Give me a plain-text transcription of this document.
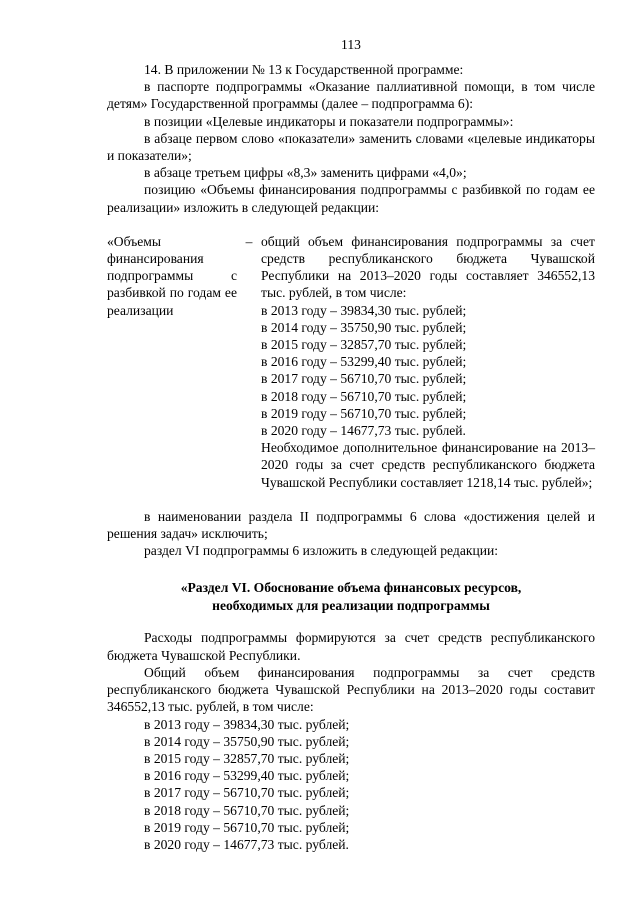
113

14. В приложении № 13 к Государственной программе:

в паспорте подпрограммы «Оказание паллиативной помощи, в том числе детям» Государственной программы (далее – подпрограмма 6):

в позиции «Целевые индикаторы и показатели подпрограммы»:

в абзаце первом слово «показатели» заменить словами «целевые индикаторы и показатели»;

в абзаце третьем цифры «8,3» заменить цифрами «4,0»;

позицию «Объемы финансирования подпрограммы с разбивкой по годам ее реализации» изложить в следующей редакции:

«Объемы финансирования подпрограммы с разбивкой по годам ее реализации

– общий объем финансирования подпрограммы за счет средств республиканского бюджета Чувашской Республики на 2013–2020 годы составляет 346552,13 тыс. рублей, в том числе:

в 2013 году – 39834,30 тыс. рублей;

в 2014 году – 35750,90 тыс. рублей;

в 2015 году – 32857,70 тыс. рублей;

в 2016 году – 53299,40 тыс. рублей;

в 2017 году – 56710,70 тыс. рублей;

в 2018 году – 56710,70 тыс. рублей;

в 2019 году – 56710,70 тыс. рублей;

в 2020 году – 14677,73 тыс. рублей.

Необходимое дополнительное финансирование на 2013–2020 годы за счет средств республиканского бюджета Чувашской Республики составляет 1218,14 тыс. рублей»;

в наименовании раздела II подпрограммы 6 слова «достижения целей и решения задач» исключить;

раздел VI подпрограммы 6 изложить в следующей редакции:

«Раздел VI. Обоснование объема финансовых ресурсов,
необходимых для реализации подпрограммы

Расходы подпрограммы формируются за счет средств республиканского бюджета Чувашской Республики.

Общий объем финансирования подпрограммы за счет средств республиканского бюджета Чувашской Республики на 2013–2020 годы составит 346552,13 тыс. рублей, в том числе:

в 2013 году – 39834,30 тыс. рублей;

в 2014 году – 35750,90 тыс. рублей;

в 2015 году – 32857,70 тыс. рублей;

в 2016 году – 53299,40 тыс. рублей;

в 2017 году – 56710,70 тыс. рублей;

в 2018 году – 56710,70 тыс. рублей;

в 2019 году – 56710,70 тыс. рублей;

в 2020 году – 14677,73 тыс. рублей.
